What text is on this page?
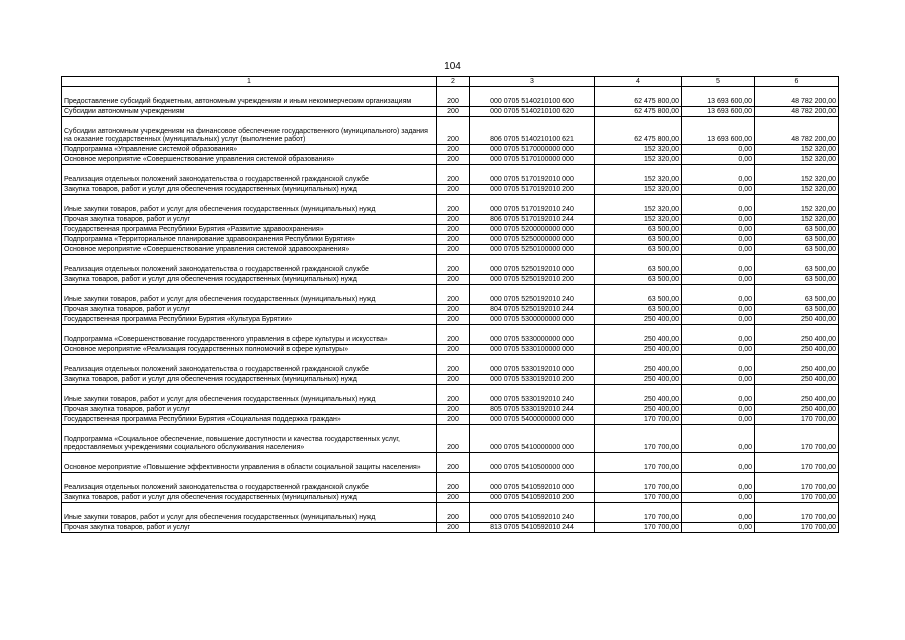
104
1	2	3	4	5	6
Предоставление субсидий бюджетным, автономным учреждениям и иным некоммерческим организациям	200	000 0705 5140210100 600	62 475 800,00	13 693 600,00	48 782 200,00
Субсидии автономным учреждениям	200	000 0705 5140210100 620	62 475 800,00	13 693 600,00	48 782 200,00
Субсидии автономным учреждениям на финансовое обеспечение государственного (муниципального) задания на оказание государственных (муниципальных) услуг (выполнение работ)	200	806 0705 5140210100 621	62 475 800,00	13 693 600,00	48 782 200,00
Подпрограмма «Управление системой образования»	200	000 0705 5170000000 000	152 320,00	0,00	152 320,00
Основное мероприятие «Совершенствование управления системой образования»	200	000 0705 5170100000 000	152 320,00	0,00	152 320,00
Реализация отдельных положений законодательства о государственной гражданской службе	200	000 0705 5170192010 000	152 320,00	0,00	152 320,00
Закупка товаров, работ и услуг для обеспечения государственных (муниципальных) нужд	200	000 0705 5170192010 200	152 320,00	0,00	152 320,00
Иные закупки товаров, работ и услуг для обеспечения государственных (муниципальных) нужд	200	000 0705 5170192010 240	152 320,00	0,00	152 320,00
Прочая закупка товаров, работ и услуг	200	806 0705 5170192010 244	152 320,00	0,00	152 320,00
Государственная программа Республики Бурятия «Развитие здравоохранения»	200	000 0705 5200000000 000	63 500,00	0,00	63 500,00
Подпрограмма «Территориальное планирование здравоохранения Республики Бурятия»	200	000 0705 5250000000 000	63 500,00	0,00	63 500,00
Основное мероприятие «Совершенствование управления системой здравоохранения»	200	000 0705 5250100000 000	63 500,00	0,00	63 500,00
Реализация отдельных положений законодательства о государственной гражданской службе	200	000 0705 5250192010 000	63 500,00	0,00	63 500,00
Закупка товаров, работ и услуг для обеспечения государственных (муниципальных) нужд	200	000 0705 5250192010 200	63 500,00	0,00	63 500,00
Иные закупки товаров, работ и услуг для обеспечения государственных (муниципальных) нужд	200	000 0705 5250192010 240	63 500,00	0,00	63 500,00
Прочая закупка товаров, работ и услуг	200	804 0705 5250192010 244	63 500,00	0,00	63 500,00
Государственная программа Республики Бурятия «Культура Бурятии»	200	000 0705 5300000000 000	250 400,00	0,00	250 400,00
Подпрограмма «Совершенствование государственного управления в сфере культуры и искусства»	200	000 0705 5330000000 000	250 400,00	0,00	250 400,00
Основное мероприятие «Реализация государственных полномочий в сфере культуры»	200	000 0705 5330100000 000	250 400,00	0,00	250 400,00
Реализация отдельных положений законодательства о государственной гражданской службе	200	000 0705 5330192010 000	250 400,00	0,00	250 400,00
Закупка товаров, работ и услуг для обеспечения государственных (муниципальных) нужд	200	000 0705 5330192010 200	250 400,00	0,00	250 400,00
Иные закупки товаров, работ и услуг для обеспечения государственных (муниципальных) нужд	200	000 0705 5330192010 240	250 400,00	0,00	250 400,00
Прочая закупка товаров, работ и услуг	200	805 0705 5330192010 244	250 400,00	0,00	250 400,00
Государственная программа Республики Бурятия «Социальная поддержка граждан»	200	000 0705 5400000000 000	170 700,00	0,00	170 700,00
Подпрограмма «Социальное обеспечение, повышение доступности и качества государственных услуг, предоставляемых учреждениями социального обслуживания населения»	200	000 0705 5410000000 000	170 700,00	0,00	170 700,00
Основное мероприятие «Повышение эффективности управления в области социальной защиты населения»	200	000 0705 5410500000 000	170 700,00	0,00	170 700,00
Реализация отдельных положений законодательства о государственной гражданской службе	200	000 0705 5410592010 000	170 700,00	0,00	170 700,00
Закупка товаров, работ и услуг для обеспечения государственных (муниципальных) нужд	200	000 0705 5410592010 200	170 700,00	0,00	170 700,00
Иные закупки товаров, работ и услуг для обеспечения государственных (муниципальных) нужд	200	000 0705 5410592010 240	170 700,00	0,00	170 700,00
Прочая закупка товаров, работ и услуг	200	813 0705 5410592010 244	170 700,00	0,00	170 700,00
